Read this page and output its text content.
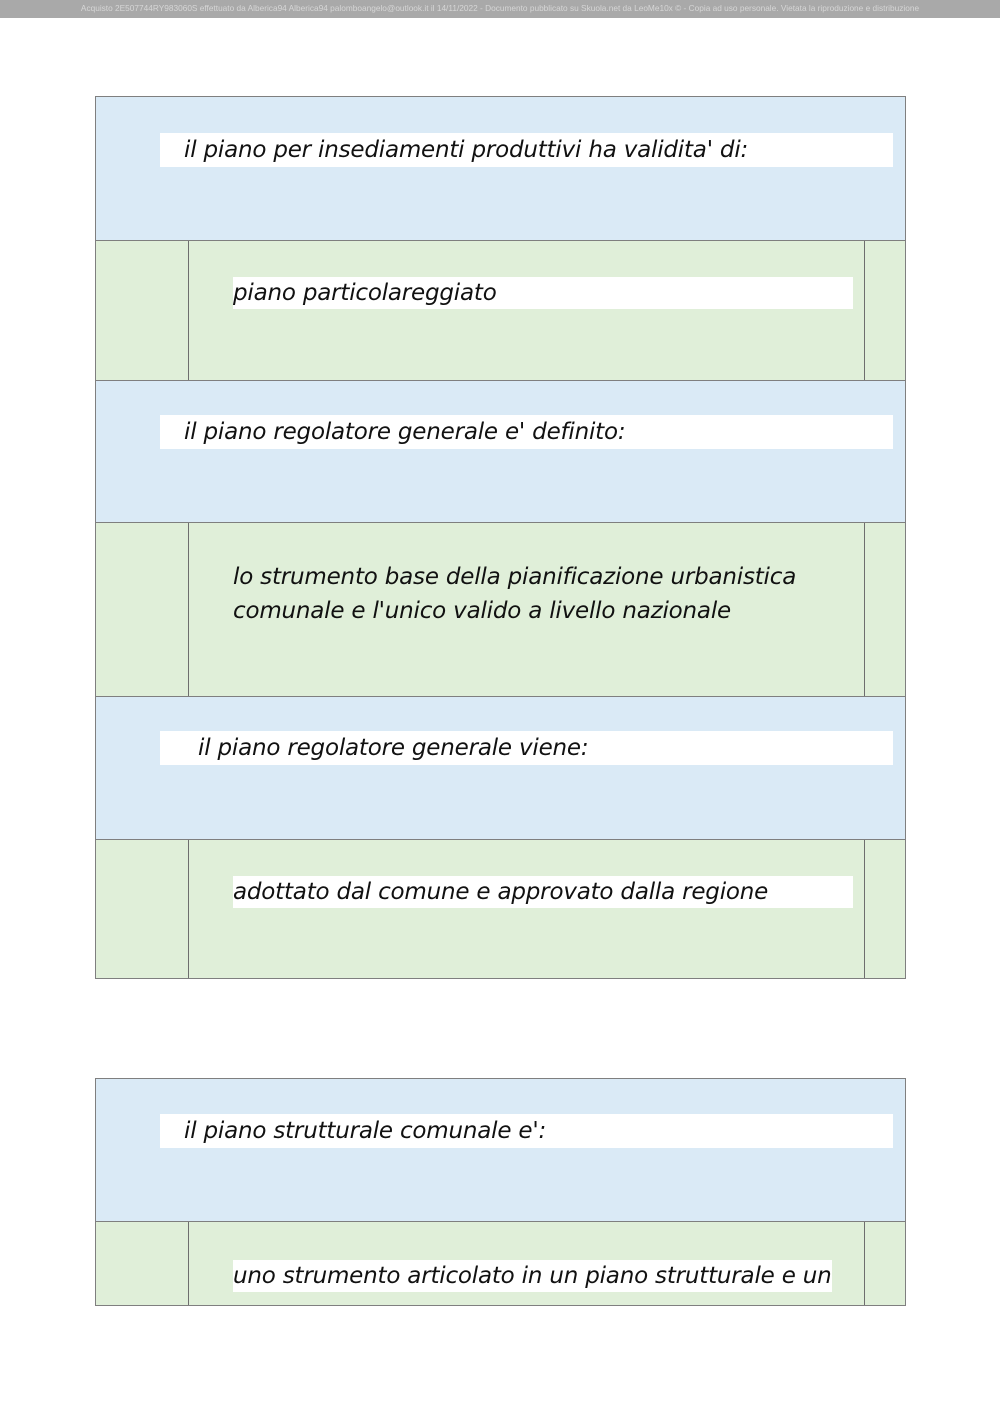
Acquisto 2E507744RY983060S effettuato da Alberica94 Alberica94 palomboangelo@outlook.it il 14/11/2022 - Documento pubblicato su Skuola.net da LeoMe10x © - Copia ad uso personale. Vietata la riproduzione e distribuzione
il piano per insediamenti produttivi ha validita' di:
piano particolareggiato
il piano regolatore generale e' definito:
lo strumento base della pianificazione urbanistica
comunale e l'unico valido a livello nazionale
il piano regolatore generale viene:
adottato dal comune e approvato dalla regione
il piano strutturale comunale e':
uno strumento articolato in un piano strutturale e un
